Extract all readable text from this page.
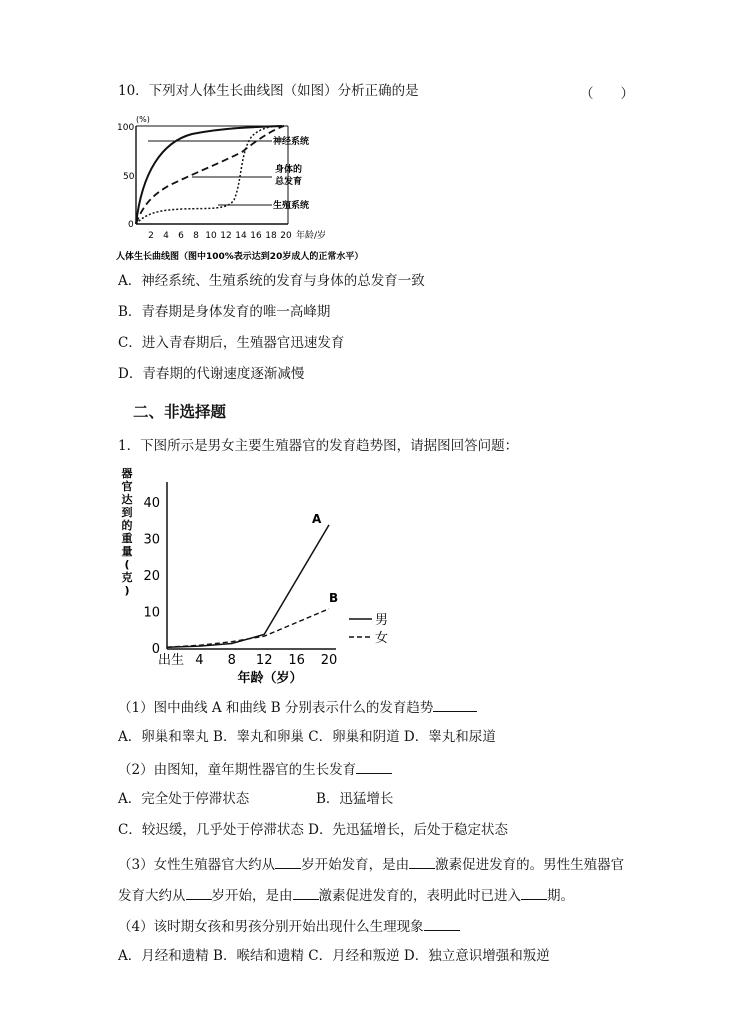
10．下列对人体生长曲线图（如图）分析正确的是	（　　）
(%)
100
50
0
神经系统
身体的
总发育
生殖系统
2 4 6 8 10 12 14 16 18 20 年龄/岁
人体生长曲线图（图中100%表示达到20岁成人的正常水平）
A．神经系统、生殖系统的发育与身体的总发育一致
B．青春期是身体发育的唯一高峰期
C．进入青春期后，生殖器官迅速发育
D．青春期的代谢速度逐渐减慢
二、非选择题
1．下图所示是男女主要生殖器官的发育趋势图，请据图回答问题：
器
官
达
到
的
重
量
(
克
)
40
30
20
10
0
出生 4 8 12 16 20
A
B
男
女
年龄（岁）
（1）图中曲线 A 和曲线 B 分别表示什么的发育趋势
A．卵巢和睾丸 B．睾丸和卵巢 C．卵巢和阴道 D．睾丸和尿道
（2）由图知，童年期性器官的生长发育
A．完全处于停滞状态	B．迅猛增长
C．较迟缓，几乎处于停滞状态 D．先迅猛增长，后处于稳定状态
（3）女性生殖器官大约从 岁开始发育，是由 激素促进发育的。男性生殖器官
发育大约从 岁开始，是由 激素促进发育的，表明此时已进入 期。
（4）该时期女孩和男孩分别开始出现什么生理现象
A．月经和遗精 B．喉结和遗精 C．月经和叛逆 D．独立意识增强和叛逆
